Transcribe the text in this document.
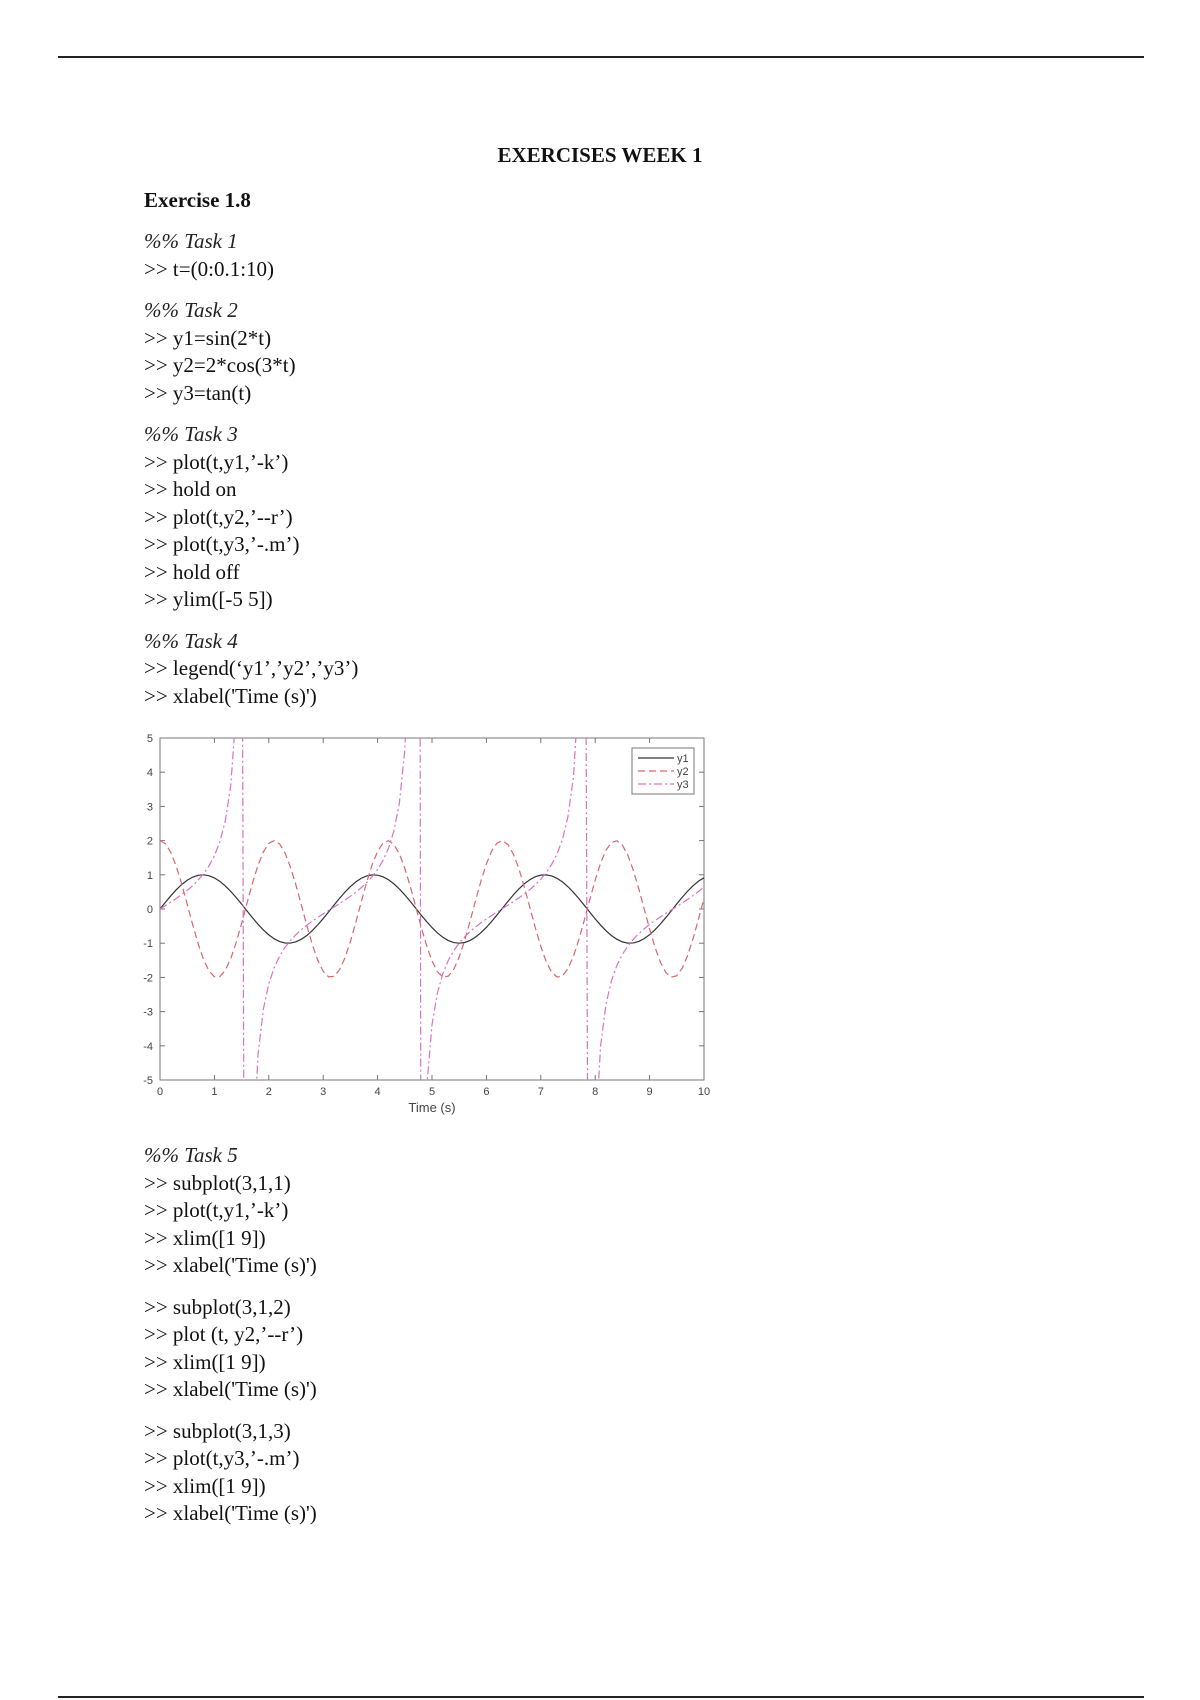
EXERCISES WEEK 1
Exercise 1.8
%% Task 1
>> t=(0:0.1:10)
%% Task 2
>> y1=sin(2*t)
>> y2=2*cos(3*t)
>> y3=tan(t)
%% Task 3
>> plot(t,y1,’-k’)
>> hold on
>> plot(t,y2,’--r’)
>> plot(t,y3,’-.m’)
>> hold off
>> ylim([-5 5])
%% Task 4
>> legend(‘y1’,’y2’,’y3’)
>> xlabel('Time (s)')
0	1	2	3	4	5	6	7	8	9	10
5
4
3
2
1
0
-1
-2
-3
-4
-5
Time (s)
y1
y2
y3
%% Task 5
>> subplot(3,1,1)
>> plot(t,y1,’-k’)
>> xlim([1 9])
>> xlabel('Time (s)')
>> subplot(3,1,2)
>> plot (t, y2,’--r’)
>> xlim([1 9])
>> xlabel('Time (s)')
>> subplot(3,1,3)
>> plot(t,y3,’-.m’)
>> xlim([1 9])
>> xlabel('Time (s)')
